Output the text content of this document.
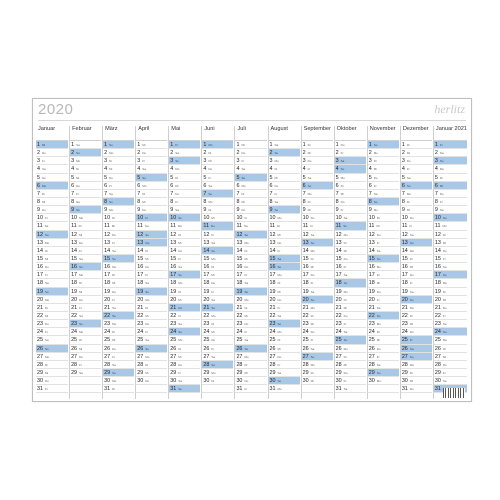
2020	herlitz
Januar
1 Mi
2 Do
3 Fr
4 Sa
5 So
6 Mo
7 Di
8 Mi
9 Do
10 Fr
11 Sa
12 So
13 Mo
14 Di
15 Mi
16 Do
17 Fr
18 Sa
19 So
20 Mo
21 Di
22 Mi
23 Do
24 Fr
25 Sa
26 So
27 Mo
28 Di
29 Mi
30 Do
31 Fr
Februar
1 Sa
2 So
3 Mo
4 Di
5 Mi
6 Do
7 Fr
8 Sa
9 So
10 Mo
11 Di
12 Mi
13 Do
14 Fr
15 Sa
16 So
17 Mo
18 Di
19 Mi
20 Do
21 Fr
22 Sa
23 So
24 Mo
25 Di
26 Mi
27 Do
28 Fr
29 Sa
März
1 So
2 Mo
3 Di
4 Mi
5 Do
6 Fr
7 Sa
8 So
9 Mo
10 Di
11 Mi
12 Do
13 Fr
14 Sa
15 So
16 Mo
17 Di
18 Mi
19 Do
20 Fr
21 Sa
22 So
23 Mo
24 Di
25 Mi
26 Do
27 Fr
28 Sa
29 So
30 Mo
31 Di
April
1 Mi
2 Do
3 Fr
4 Sa
5 So
6 Mo
7 Di
8 Mi
9 Do
10 Fr
11 Sa
12 So
13 Mo
14 Di
15 Mi
16 Do
17 Fr
18 Sa
19 So
20 Mo
21 Di
22 Mi
23 Do
24 Fr
25 Sa
26 So
27 Mo
28 Di
29 Mi
30 Do
Mai
1 Fr
2 Sa
3 So
4 Mo
5 Di
6 Mi
7 Do
8 Fr
9 Sa
10 So
11 Mo
12 Di
13 Mi
14 Do
15 Fr
16 Sa
17 So
18 Mo
19 Di
20 Mi
21 Do
22 Fr
23 Sa
24 So
25 Mo
26 Di
27 Mi
28 Do
29 Fr
30 Sa
31 So
Juni
1 Mo
2 Di
3 Mi
4 Do
5 Fr
6 Sa
7 So
8 Mo
9 Di
10 Mi
11 Do
12 Fr
13 Sa
14 So
15 Mo
16 Di
17 Mi
18 Do
19 Fr
20 Sa
21 So
22 Mo
23 Di
24 Mi
25 Do
26 Fr
27 Sa
28 So
29 Mo
30 Di
Juli
1 Mi
2 Do
3 Fr
4 Sa
5 So
6 Mo
7 Di
8 Mi
9 Do
10 Fr
11 Sa
12 So
13 Mo
14 Di
15 Mi
16 Do
17 Fr
18 Sa
19 So
20 Mo
21 Di
22 Mi
23 Do
24 Fr
25 Sa
26 So
27 Mo
28 Di
29 Mi
30 Do
31 Fr
August
1 Sa
2 So
3 Mo
4 Di
5 Mi
6 Do
7 Fr
8 Sa
9 So
10 Mo
11 Di
12 Mi
13 Do
14 Fr
15 Sa
16 So
17 Mo
18 Di
19 Mi
20 Do
21 Fr
22 Sa
23 So
24 Mo
25 Di
26 Mi
27 Do
28 Fr
29 Sa
30 So
31 Mo
September
1 Di
2 Mi
3 Do
4 Fr
5 Sa
6 So
7 Mo
8 Di
9 Mi
10 Do
11 Fr
12 Sa
13 So
14 Mo
15 Di
16 Mi
17 Do
18 Fr
19 Sa
20 So
21 Mo
22 Di
23 Mi
24 Do
25 Fr
26 Sa
27 So
28 Mo
29 Di
30 Mi
Oktober
1 Do
2 Fr
3 Sa
4 So
5 Mo
6 Di
7 Mi
8 Do
9 Fr
10 Sa
11 So
12 Mo
13 Di
14 Mi
15 Do
16 Fr
17 Sa
18 So
19 Mo
20 Di
21 Mi
22 Do
23 Fr
24 Sa
25 So
26 Mo
27 Di
28 Mi
29 Do
30 Fr
31 Sa
November
1 So
2 Mo
3 Di
4 Mi
5 Do
6 Fr
7 Sa
8 So
9 Mo
10 Di
11 Mi
12 Do
13 Fr
14 Sa
15 So
16 Mo
17 Di
18 Mi
19 Do
20 Fr
21 Sa
22 So
23 Mo
24 Di
25 Mi
26 Do
27 Fr
28 Sa
29 So
30 Mo
Dezember
1 Di
2 Mi
3 Do
4 Fr
5 Sa
6 So
7 Mo
8 Di
9 Mi
10 Do
11 Fr
12 Sa
13 So
14 Mo
15 Di
16 Mi
17 Do
18 Fr
19 Sa
20 So
21 Mo
22 Di
23 Mi
24 Do
25 Fr
26 Sa
27 So
28 Mo
29 Di
30 Mi
31 Do
Januar 2021
1 Fr
2 Sa
3 So
4 Mo
5 Di
6 Mi
7 Do
8 Fr
9 Sa
10 So
11 Mo
12 Di
13 Mi
14 Do
15 Fr
16 Sa
17 So
18 Mo
19 Di
20 Mi
21 Do
22 Fr
23 Sa
24 So
25 Mo
26 Di
27 Mi
28 Do
29 Fr
30 Sa
31
